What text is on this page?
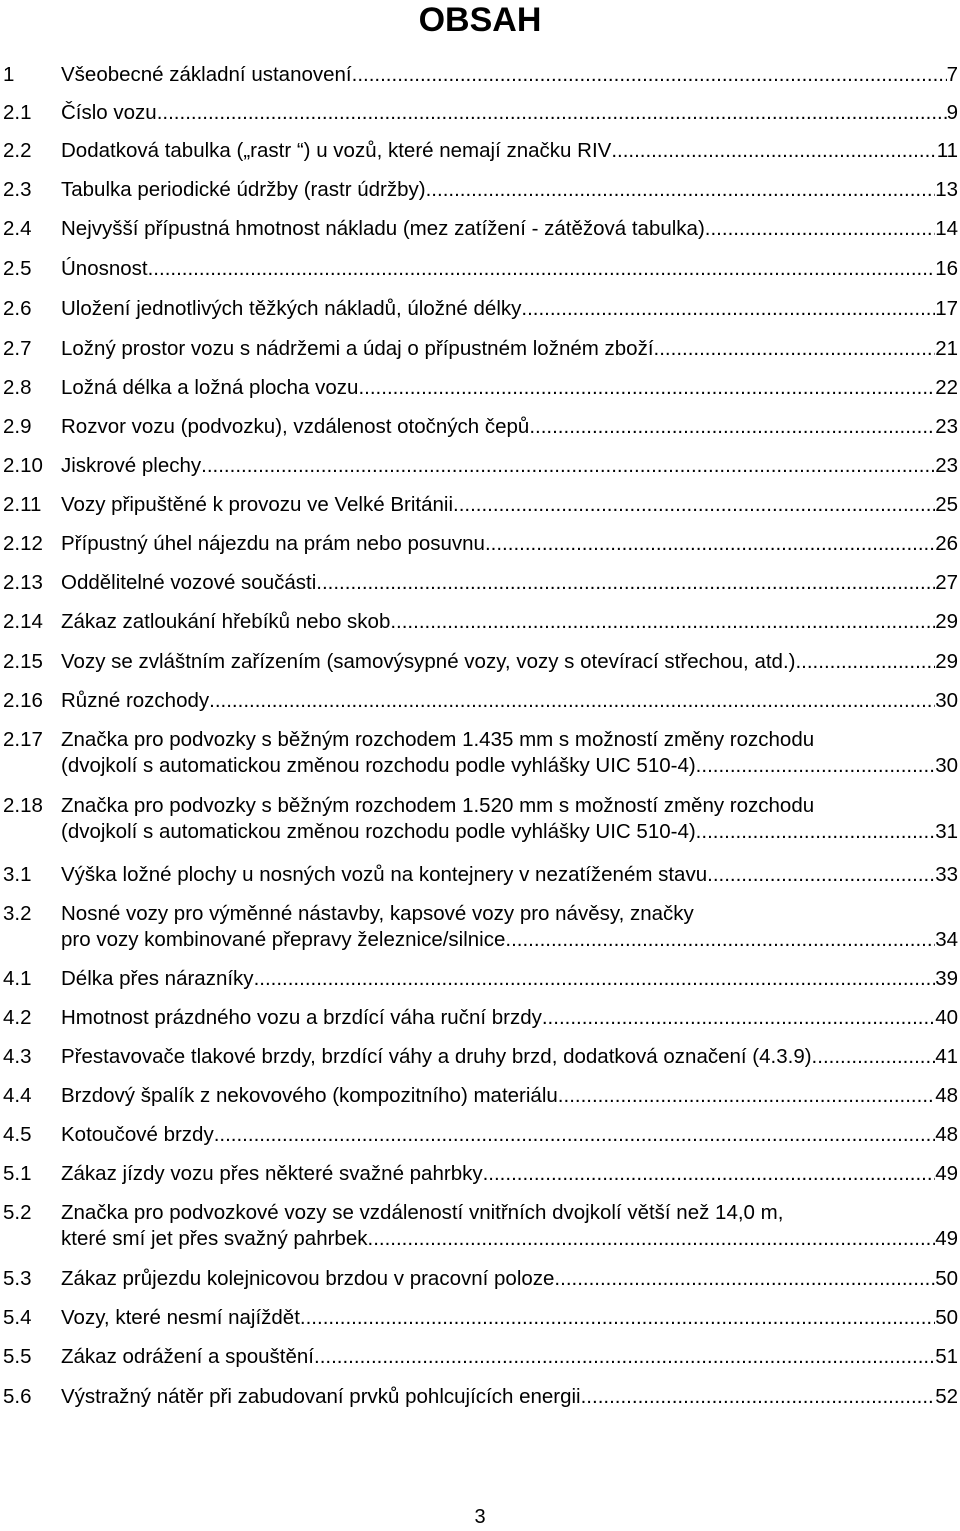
OBSAH
1	Všeobecné základní ustanovení .....	7
2.1	Číslo vozu .....	9
2.2	Dodatková tabulka („rastr “) u vozů, které nemají značku RIV .....	11
2.3	Tabulka periodické údržby (rastr údržby) .....	13
2.4	Nejvyšší přípustná hmotnost nákladu (mez zatížení - zátěžová tabulka) .....	14
2.5	Únosnost .....	16
2.6	Uložení jednotlivých těžkých nákladů, úložné délky .....	17
2.7	Ložný prostor vozu s nádržemi a údaj o přípustném ložném zboží .....	21
2.8	Ložná délka a ložná plocha vozu .....	22
2.9	Rozvor vozu (podvozku), vzdálenost otočných čepů .....	23
2.10 Jiskrové plechy .....	23
2.11 Vozy připuštěné k provozu ve Velké Británii .....	25
2.12 Přípustný úhel nájezdu na prám nebo posuvnu .....	26
2.13 Oddělitelné vozové součásti .....	27
2.14 Zákaz zatloukání hřebíků nebo skob .....	29
2.15 Vozy se zvláštním zařízením (samovýsypné vozy, vozy s otevírací střechou, atd.) .....	29
2.16 Různé rozchody .....	30
2.17 Značka pro podvozky s běžným rozchodem 1.435 mm s možností změny rozchodu
(dvojkolí s automatickou změnou rozchodu podle vyhlášky UIC 510-4) .....	30
2.18 Značka pro podvozky s běžným rozchodem 1.520 mm s možností změny rozchodu
(dvojkolí s automatickou změnou rozchodu podle vyhlášky UIC 510-4) .....	31
3.1	Výška ložné plochy u nosných vozů na kontejnery v nezatíženém stavu .....	33
3.2	Nosné vozy pro výměnné nástavby, kapsové vozy pro návěsy, značky
pro vozy kombinované přepravy železnice/silnice .....	34
4.1	Délka přes nárazníky .....	39
4.2	Hmotnost prázdného vozu a brzdící váha ruční brzdy .....	40
4.3	Přestavovače tlakové brzdy, brzdící váhy a druhy brzd, dodatková označení (4.3.9) .....	41
4.4	Brzdový špalík z nekovového (kompozitního) materiálu .....	48
4.5	Kotoučové brzdy .....	48
5.1	Zákaz jízdy vozu přes některé svažné pahrbky .....	49
5.2	Značka pro podvozkové vozy se vzdáleností vnitřních dvojkolí větší než 14,0 m,
které smí jet přes svažný pahrbek .....	49
5.3	Zákaz průjezdu kolejnicovou brzdou v pracovní poloze .....	50
5.4	Vozy, které nesmí najíždět .....	50
5.5	Zákaz odrážení a spouštění .....	51
5.6	Výstražný nátěr při zabudovaní prvků pohlcujících energii .....	52
3
